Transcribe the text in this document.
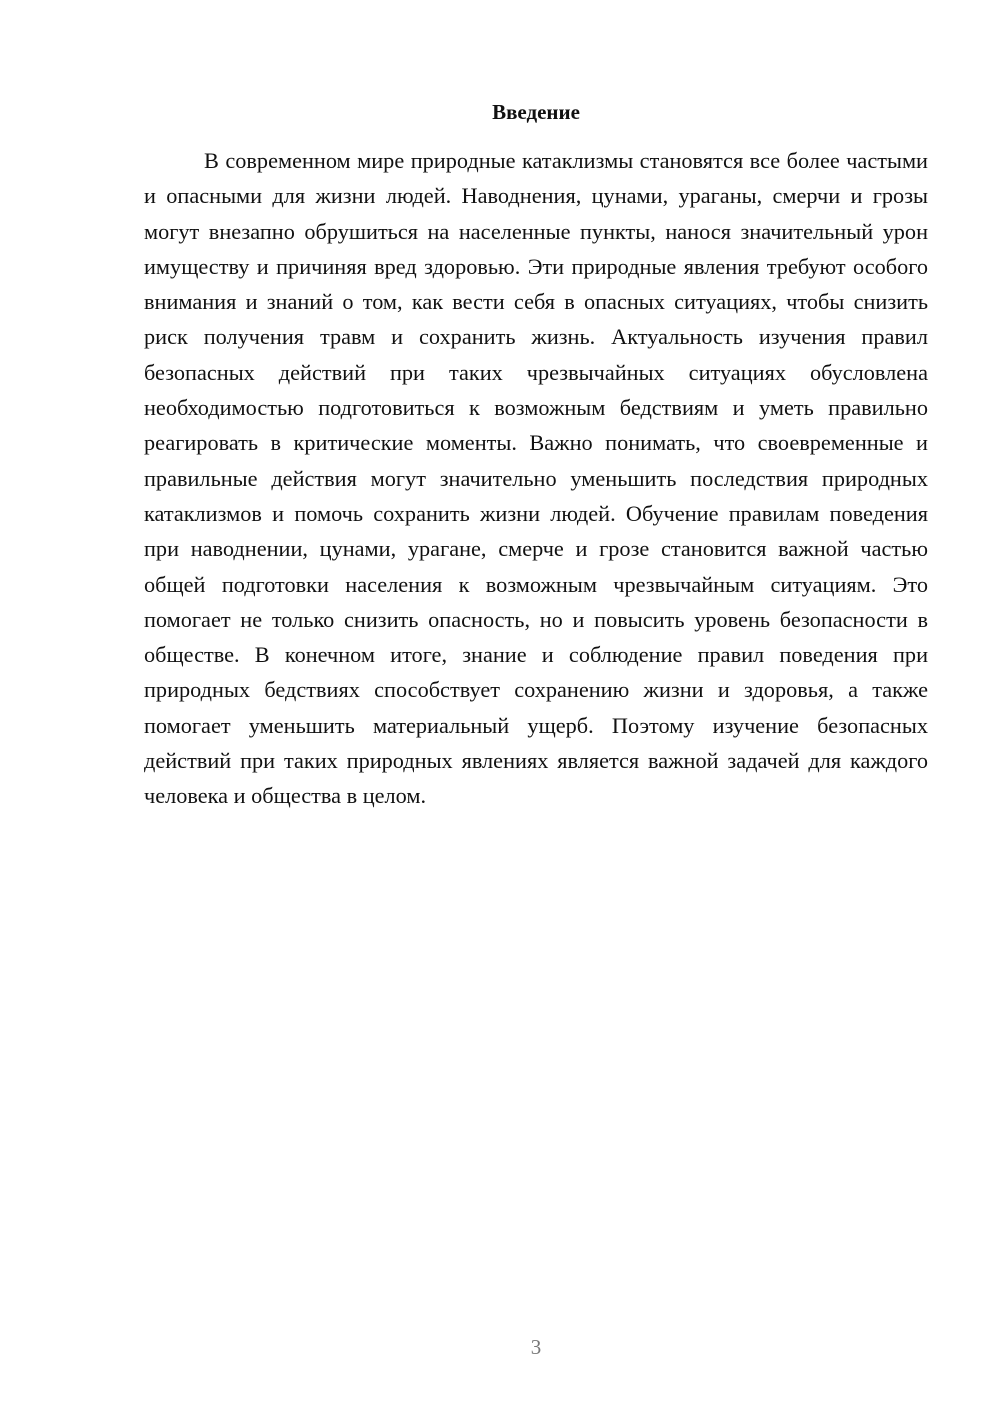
Введение

В современном мире природные катаклизмы становятся все более частыми и опасными для жизни людей. Наводнения, цунами, ураганы, смерчи и грозы могут внезапно обрушиться на населенные пункты, нанося значительный урон имуществу и причиняя вред здоровью. Эти природные явления требуют особого внимания и знаний о том, как вести себя в опасных ситуациях, чтобы снизить риск получения травм и сохранить жизнь. Актуальность изучения правил безопасных действий при таких чрезвычайных ситуациях обусловлена необходимостью подготовиться к возможным бедствиям и уметь правильно реагировать в критические моменты. Важно понимать, что своевременные и правильные действия могут значительно уменьшить последствия природных катаклизмов и помочь сохранить жизни людей. Обучение правилам поведения при наводнении, цунами, урагане, смерче и грозе становится важной частью общей подготовки населения к возможным чрезвычайным ситуациям. Это помогает не только снизить опасность, но и повысить уровень безопасности в обществе. В конечном итоге, знание и соблюдение правил поведения при природных бедствиях способствует сохранению жизни и здоровья, а также помогает уменьшить материальный ущерб. Поэтому изучение безопасных действий при таких природных явлениях является важной задачей для каждого человека и общества в целом.

3
